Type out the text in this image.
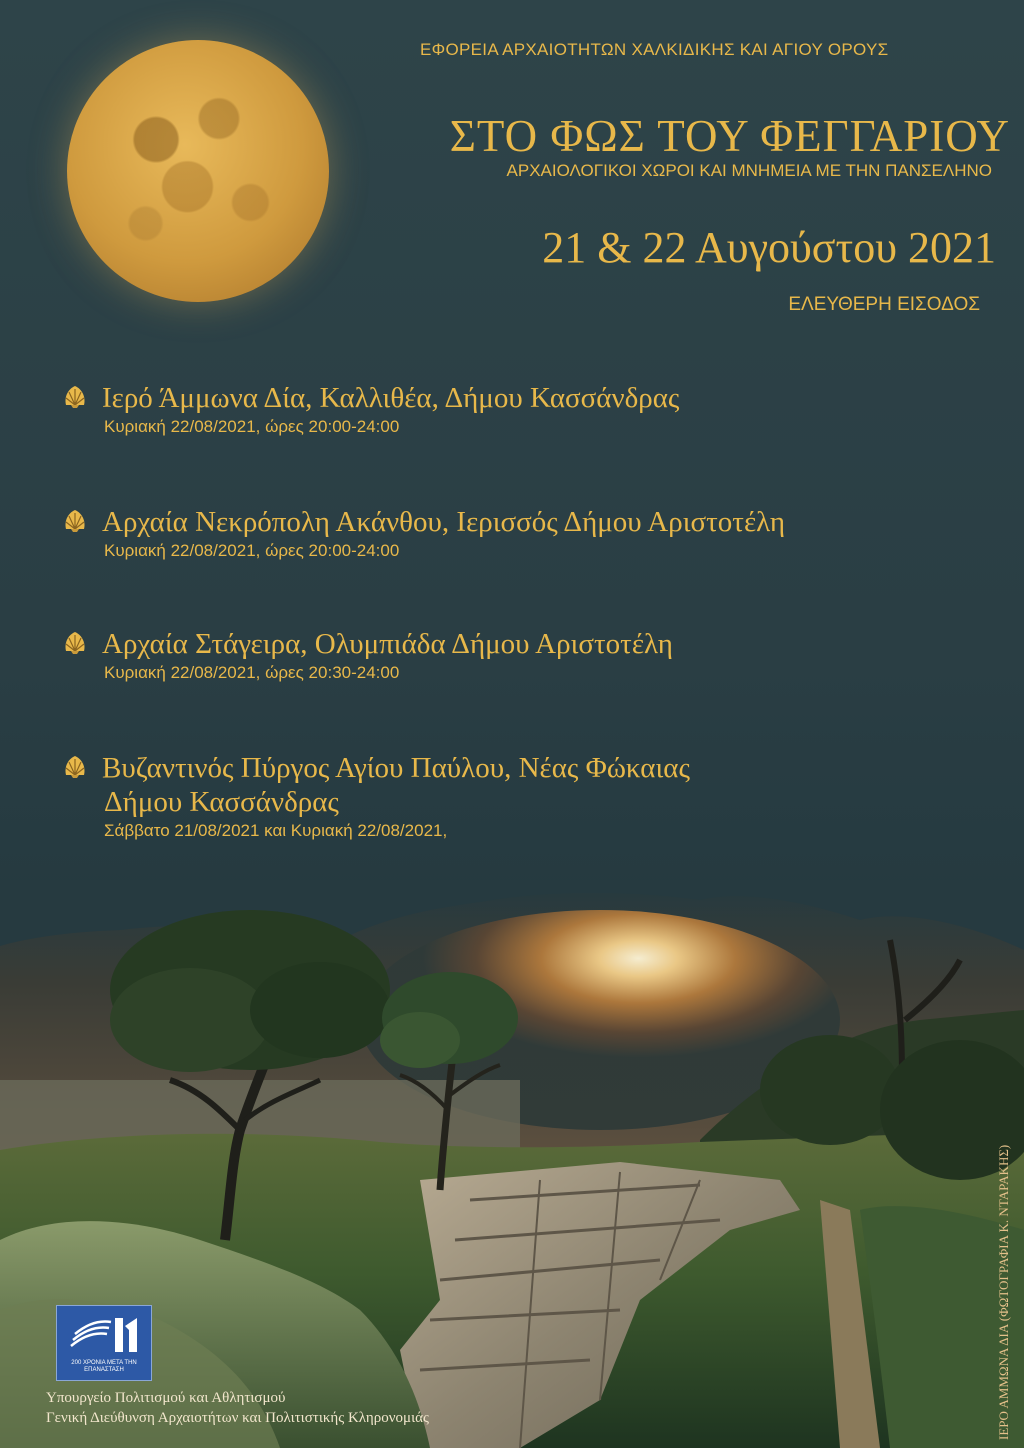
ΕΦΟΡΕΙΑ ΑΡΧΑΙΟΤΗΤΩΝ ΧΑΛΚΙΔΙΚΗΣ ΚΑΙ ΑΓΙΟΥ ΟΡΟΥΣ
ΣΤΟ ΦΩΣ ΤΟΥ ΦΕΓΓΑΡΙΟΥ
ΑΡΧΑΙΟΛΟΓΙΚΟΙ ΧΩΡΟΙ ΚΑΙ ΜΝΗΜΕΙΑ ΜΕ ΤΗΝ ΠΑΝΣΕΛΗΝΟ
21 & 22 Αυγούστου 2021
ΕΛΕΥΘΕΡΗ ΕΙΣΟΔΟΣ
Ιερό Άμμωνα Δία, Καλλιθέα, Δήμου Κασσάνδρας
Κυριακή 22/08/2021, ώρες 20:00-24:00
Αρχαία Νεκρόπολη Ακάνθου, Ιερισσός Δήμου Αριστοτέλη
Κυριακή 22/08/2021, ώρες 20:00-24:00
Αρχαία Στάγειρα, Ολυμπιάδα Δήμου Αριστοτέλη
Κυριακή 22/08/2021, ώρες 20:30-24:00
Βυζαντινός Πύργος Αγίου Παύλου, Νέας Φώκαιας
Δήμου Κασσάνδρας
Σάββατο 21/08/2021 και Κυριακή 22/08/2021,
ΙΕΡΟ ΑΜΜΩΝΑ ΔΙΑ (ΦΩΤΟΓΡΑΦΙΑ Κ. ΝΤΑΡΑΚΗΣ)
200 ΧΡΟΝΙΑ ΜΕΤΑ ΤΗΝ ΕΠΑΝΑΣΤΑΣΗ
Υπουργείο Πολιτισμού και Αθλητισμού
Γενική Διεύθυνση Αρχαιοτήτων και Πολιτιστικής Κληρονομιάς
